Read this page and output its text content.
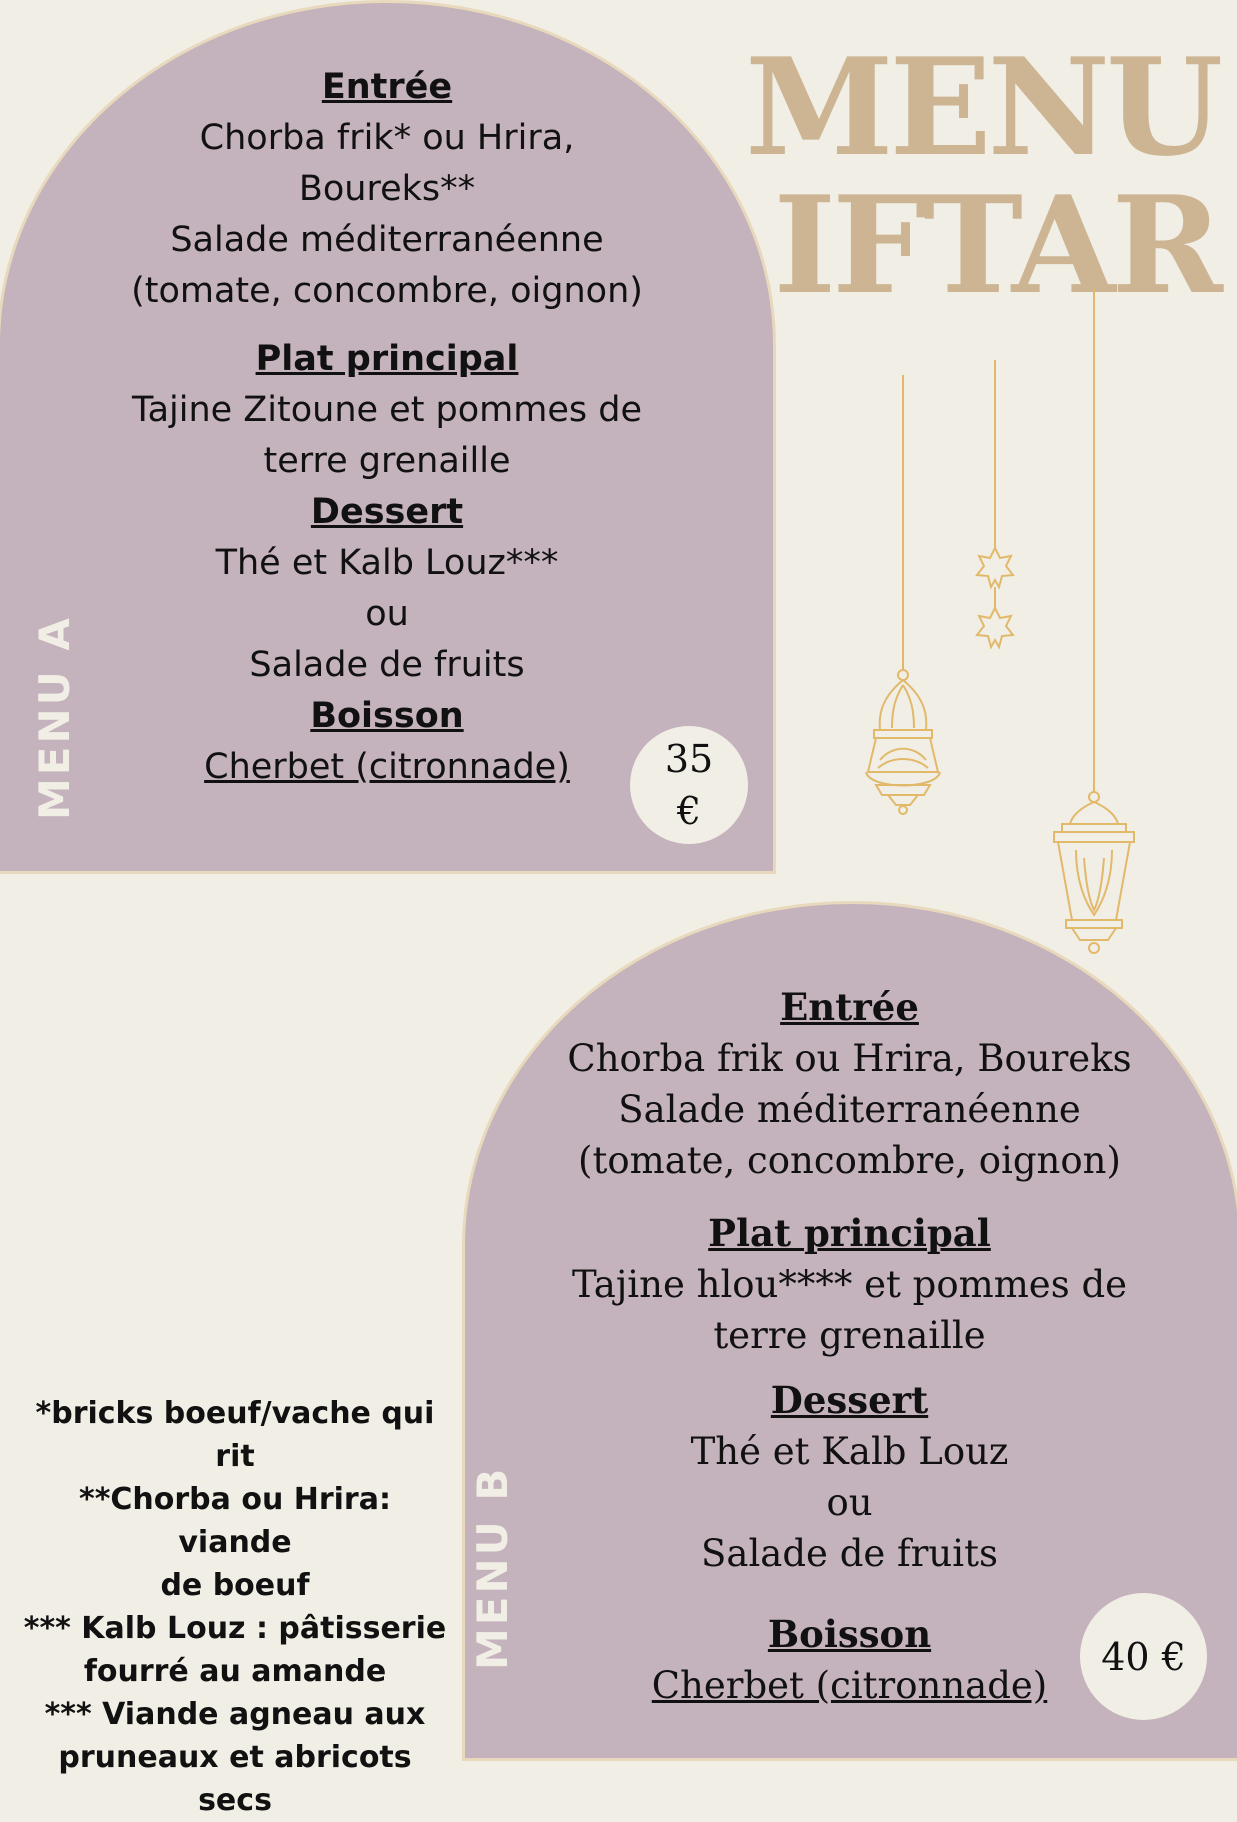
Entrée
Chorba frik* ou Hrira,
Boureks**
Salade méditerranéenne
(tomate, concombre, oignon)
Plat principal
Tajine Zitoune et pommes de
terre grenaille
Dessert
Thé et Kalb Louz***
ou
Salade de fruits
Boisson
Cherbet (citronnade)
MENU A	35
€
MENU
IFTAR
Entrée
Chorba frik ou Hrira, Boureks
Salade méditerranéenne
(tomate, concombre, oignon)
Plat principal
Tajine hlou**** et pommes de
terre grenaille
Dessert
Thé et Kalb Louz
ou
Salade de fruits
Boisson
Cherbet (citronnade)
MENU B	40 €
*bricks boeuf/vache qui
rit
**Chorba ou Hrira: viande
de boeuf
*** Kalb Louz : pâtisserie
fourré au amande
*** Viande agneau aux
pruneaux et abricots secs
